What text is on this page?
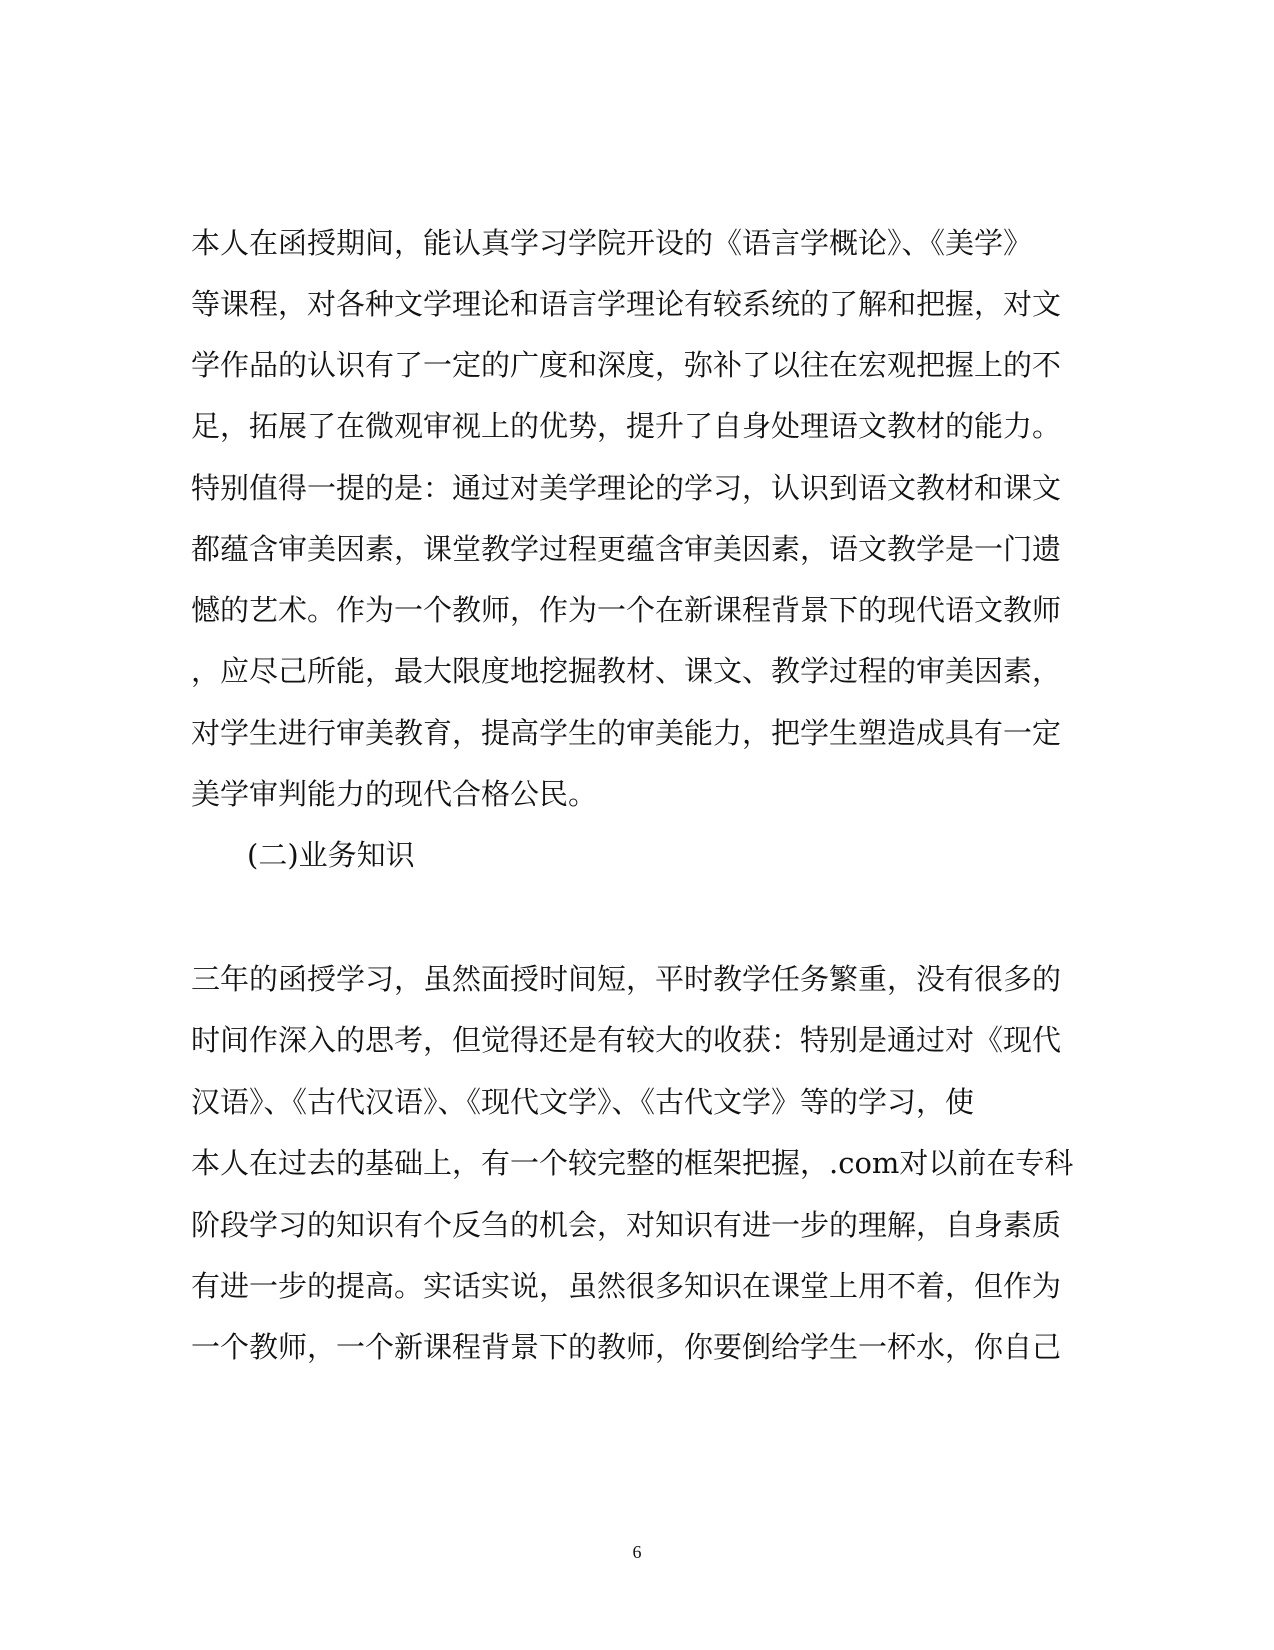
本人在函授期间，能认真学习学院开设的《语言学概论》、《美学》
等课程，对各种文学理论和语言学理论有较系统的了解和把握，对文
学作品的认识有了一定的广度和深度，弥补了以往在宏观把握上的不
足，拓展了在微观审视上的优势，提升了自身处理语文教材的能力。
特别值得一提的是：通过对美学理论的学习，认识到语文教材和课文
都蕴含审美因素，课堂教学过程更蕴含审美因素，语文教学是一门遗
憾的艺术。作为一个教师，作为一个在新课程背景下的现代语文教师
，应尽己所能，最大限度地挖掘教材、课文、教学过程的审美因素，
对学生进行审美教育，提高学生的审美能力，把学生塑造成具有一定
美学审判能力的现代合格公民。
(二)业务知识
三年的函授学习，虽然面授时间短，平时教学任务繁重，没有很多的
时间作深入的思考，但觉得还是有较大的收获：特别是通过对《现代
汉语》、《古代汉语》、《现代文学》、《古代文学》等的学习，使
本人在过去的基础上，有一个较完整的框架把握，.com对以前在专科
阶段学习的知识有个反刍的机会，对知识有进一步的理解，自身素质
有进一步的提高。实话实说，虽然很多知识在课堂上用不着，但作为
一个教师，一个新课程背景下的教师，你要倒给学生一杯水，你自己
6
